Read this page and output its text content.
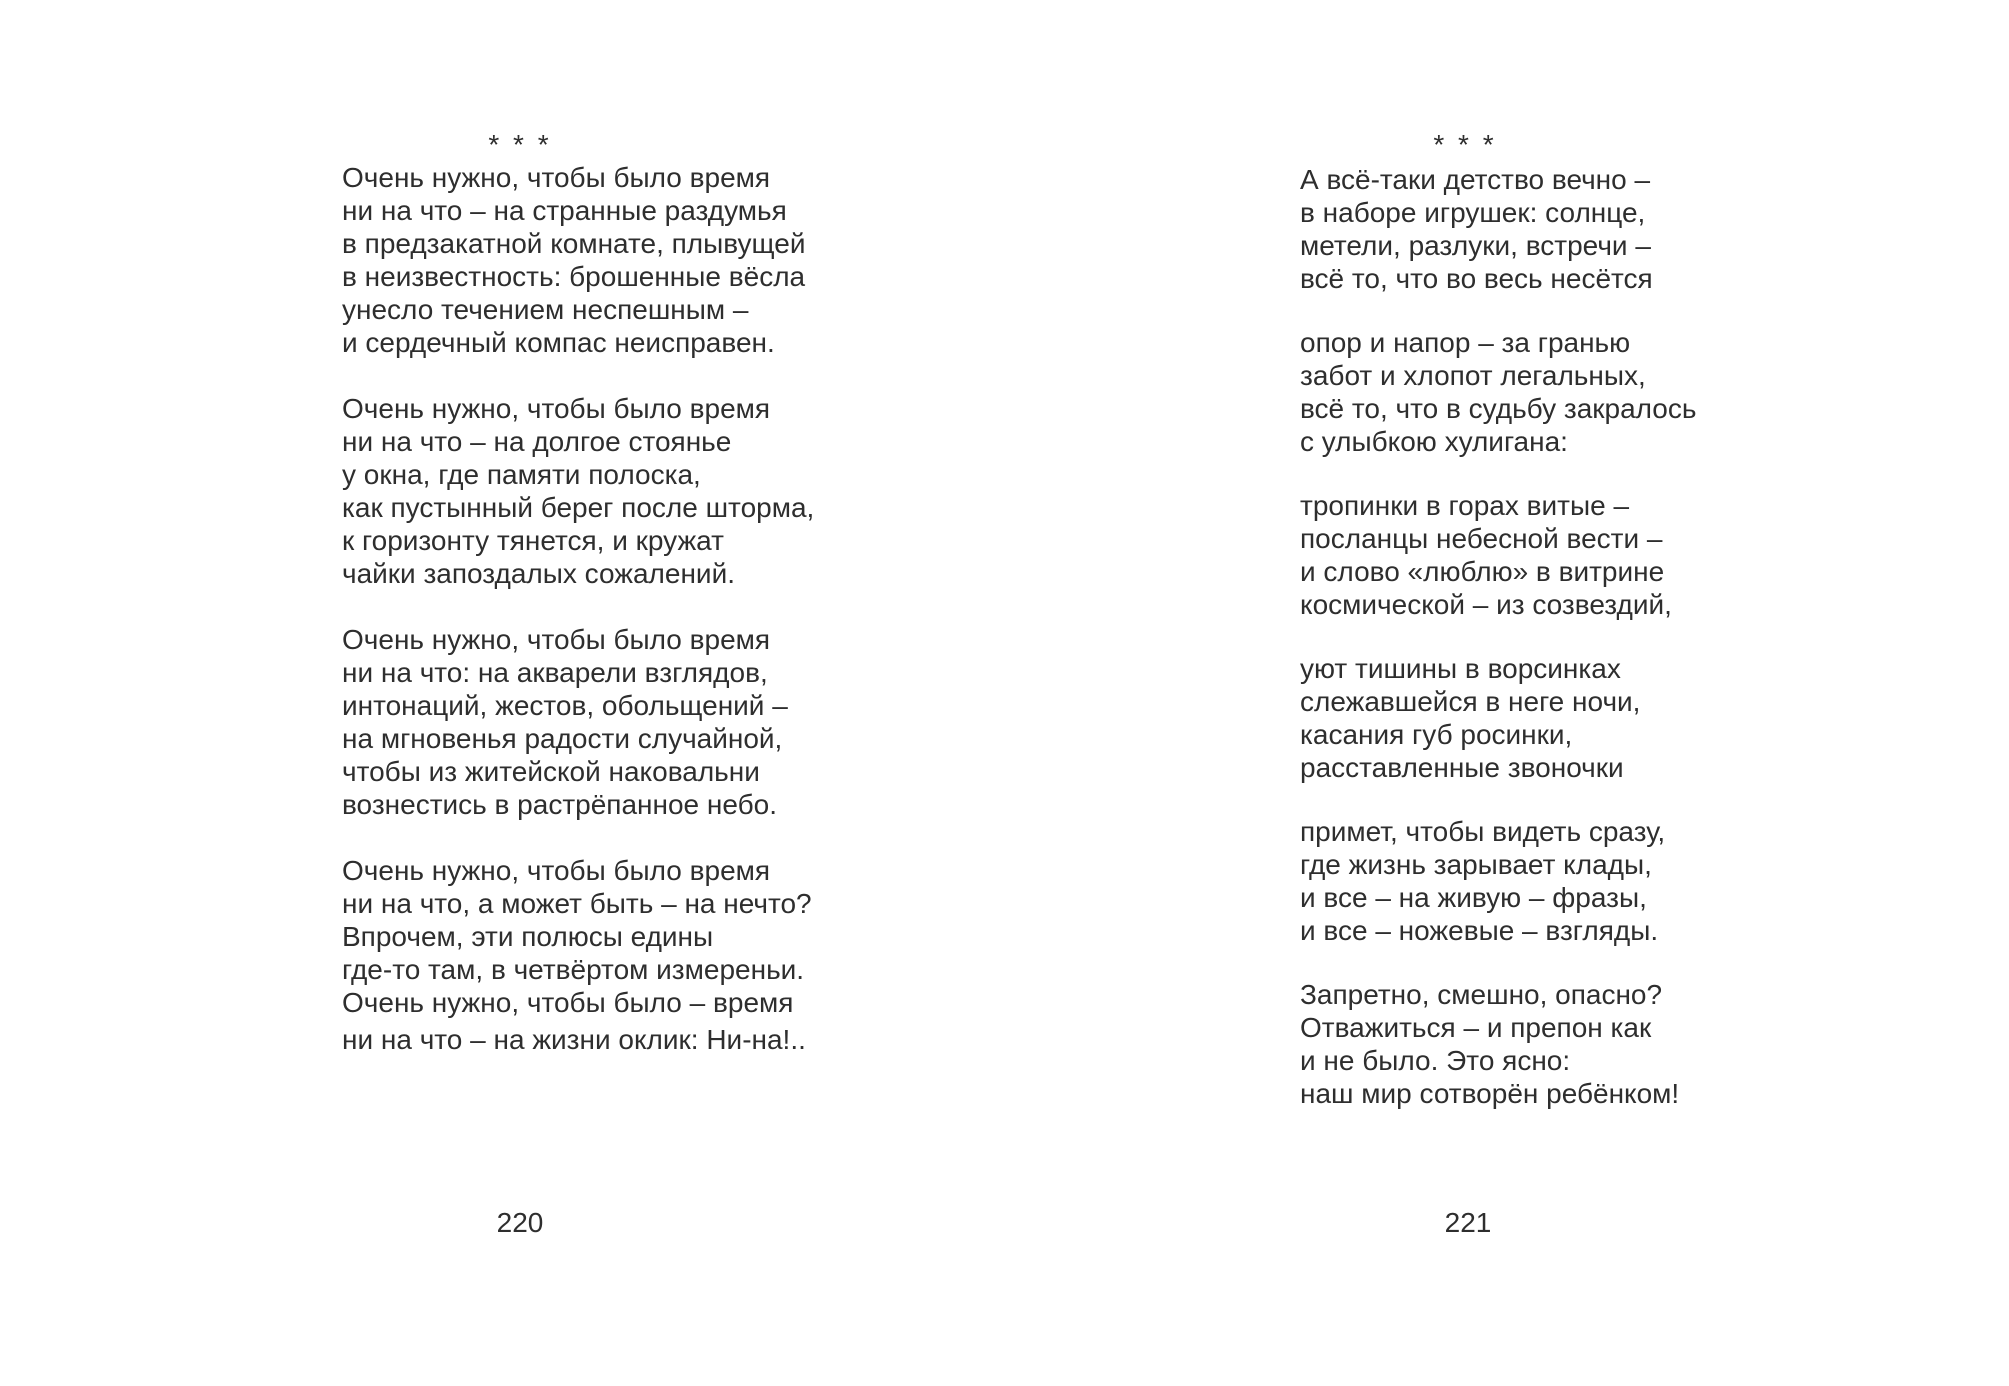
* * *
Очень нужно, чтобы было время
ни на что – на странные раздумья
в предзакатной комнате, плывущей
в неизвестность: брошенные вёсла
унесло течением неспешным –
и сердечный компас неисправен.
Очень нужно, чтобы было время
ни на что – на долгое стоянье
у окна, где памяти полоска,
как пустынный берег после шторма,
к горизонту тянется, и кружат
чайки запоздалых сожалений.
Очень нужно, чтобы было время
ни на что: на акварели взглядов,
интонаций, жестов, обольщений –
на мгновенья радости случайной,
чтобы из житейской наковальни
вознестись в растрёпанное небо.
Очень нужно, чтобы было время
ни на что, а может быть – на нечто?
Впрочем, эти полюсы едины
где-то там, в четвёртом измереньи.
Очень нужно, чтобы было – время
ни на что – на жизни оклик: Ни-на!..
220
* * *
А всё-таки детство вечно –
в наборе игрушек: солнце,
метели, разлуки, встречи –
всё то, что во весь несётся
опор и напор – за гранью
забот и хлопот легальных,
всё то, что в судьбу закралось
с улыбкою хулигана:
тропинки в горах витые –
посланцы небесной вести –
и слово «люблю» в витрине
космической – из созвездий,
уют тишины в ворсинках
слежавшейся в неге ночи,
касания губ росинки,
расставленные звоночки
примет, чтобы видеть сразу,
где жизнь зарывает клады,
и все – на живую – фразы,
и все – ножевые – взгляды.
Запретно, смешно, опасно?
Отважиться – и препон как
и не было. Это ясно:
наш мир сотворён ребёнком!
221
